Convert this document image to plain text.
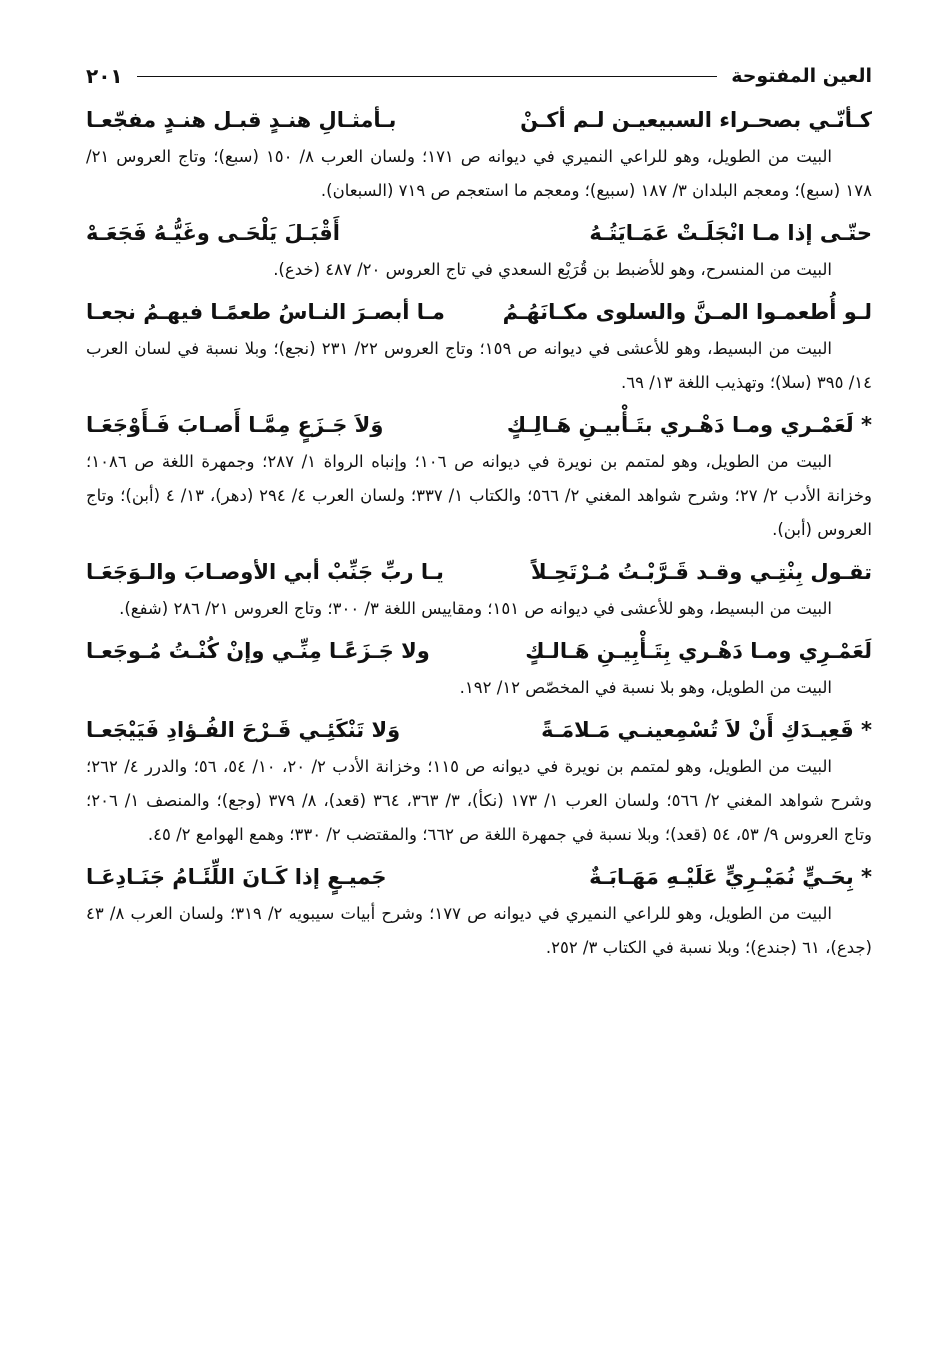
العين المفتوحة
٢٠١
كـأنّـي بصحـراء السبيعيـن لـم أكـنْ
بـأمثـالِ هنـدٍ قبـل هنـدٍ مفجّعـا

البيت من الطويل، وهو للراعي النميري في ديوانه ص ١٧١؛ ولسان العرب ٨/ ١٥٠ (سبع)؛ وتاج العروس ٢١/ ١٧٨ (سبع)؛ ومعجم البلدان ٣/ ١٨٧ (سبيع)؛ ومعجم ما استعجم ص ٧١٩ (السبعان).

حتّـى إذا مـا انْجَلَـتْ عَمَـايَتُـهُ
أَقْبَـلَ يَلْحَـى وغَيُّـهُ فَجَعَـهْ

البيت من المنسرح، وهو للأضبط بن قُرَيْع السعدي في تاج العروس ٢٠/ ٤٨٧ (خدع).

لـو أُطعمـوا المـنَّ والسلوى مكـانَهُـمُ
مـا أبصـرَ النـاسُ طعمًـا فيهـمُ نجعـا

البيت من البسيط، وهو للأعشى في ديوانه ص ١٥٩؛ وتاج العروس ٢٢/ ٢٣١ (نجع)؛ وبلا نسبة في لسان العرب ١٤/ ٣٩٥ (سلا)؛ وتهذيب اللغة ١٣/ ٦٩.

* لَعَمْـري ومـا دَهْـري بتَـأْبيـنِ هَـالِـكٍ
وَلاَ جَـزَعٍ مِمَّـا أَصـابَ فَـأَوْجَعَـا

البيت من الطويل، وهو لمتمم بن نويرة في ديوانه ص ١٠٦؛ وإنباه الرواة ١/ ٢٨٧؛ وجمهرة اللغة ص ١٠٨٦؛ وخزانة الأدب ٢/ ٢٧؛ وشرح شواهد المغني ٢/ ٥٦٦؛ والكتاب ١/ ٣٣٧؛ ولسان العرب ٤/ ٢٩٤ (دهر)، ١٣/ ٤ (أبن)؛ وتاج العروس (أبن).

تقـول بِنْتِـي وقـد قَـرَّبْـتُ مُـرْتَحِـلاً
يـا ربِّ جَنِّبْ أبي الأوصـابَ والـوَجَعَـا

البيت من البسيط، وهو للأعشى في ديوانه ص ١٥١؛ ومقاييس اللغة ٣/ ٣٠٠؛ وتاج العروس ٢١/ ٢٨٦ (شفع).

لَعَمْـرِي ومـا دَهْـري بِتَـأْبِيـنِ هَـالـكٍ
ولا جَـزَعًـا مِنِّـي وإنْ كُنْـتُ مُـوجَعـا

البيت من الطويل، وهو بلا نسبة في المخصّص ١٢/ ١٩٢.

* قَعِيـدَكِ أَنْ لاَ تُسْمِعينـي مَـلامَـةً
وَلا تَنْكَئِـي قَـرْحَ الفُـؤادِ فَيَيْجَعـا

البيت من الطويل، وهو لمتمم بن نويرة في ديوانه ص ١١٥؛ وخزانة الأدب ٢/ ٢٠، ١٠/ ٥٤، ٥٦؛ والدرر ٤/ ٢٦٢؛ وشرح شواهد المغني ٢/ ٥٦٦؛ ولسان العرب ١/ ١٧٣ (نكأ)، ٣/ ٣٦٣، ٣٦٤ (قعد)، ٨/ ٣٧٩ (وجع)؛ والمنصف ١/ ٢٠٦؛ وتاج العروس ٩/ ٥٣، ٥٤ (قعد)؛ وبلا نسبة في جمهرة اللغة ص ٦٦٢؛ والمقتضب ٢/ ٣٣٠؛ وهمع الهوامع ٢/ ٤٥.

* بِحَـيٍّ نُمَيْـرِيٍّ عَلَيْـهِ مَهَـابَـةٌ
جَميـعٍ إذا كَـانَ اللِّئَـامُ جَنَـادِعَـا

البيت من الطويل، وهو للراعي النميري في ديوانه ص ١٧٧؛ وشرح أبيات سيبويه ٢/ ٣١٩؛ ولسان العرب ٨/ ٤٣ (جدع)، ٦١ (جندع)؛ وبلا نسبة في الكتاب ٣/ ٢٥٢.
